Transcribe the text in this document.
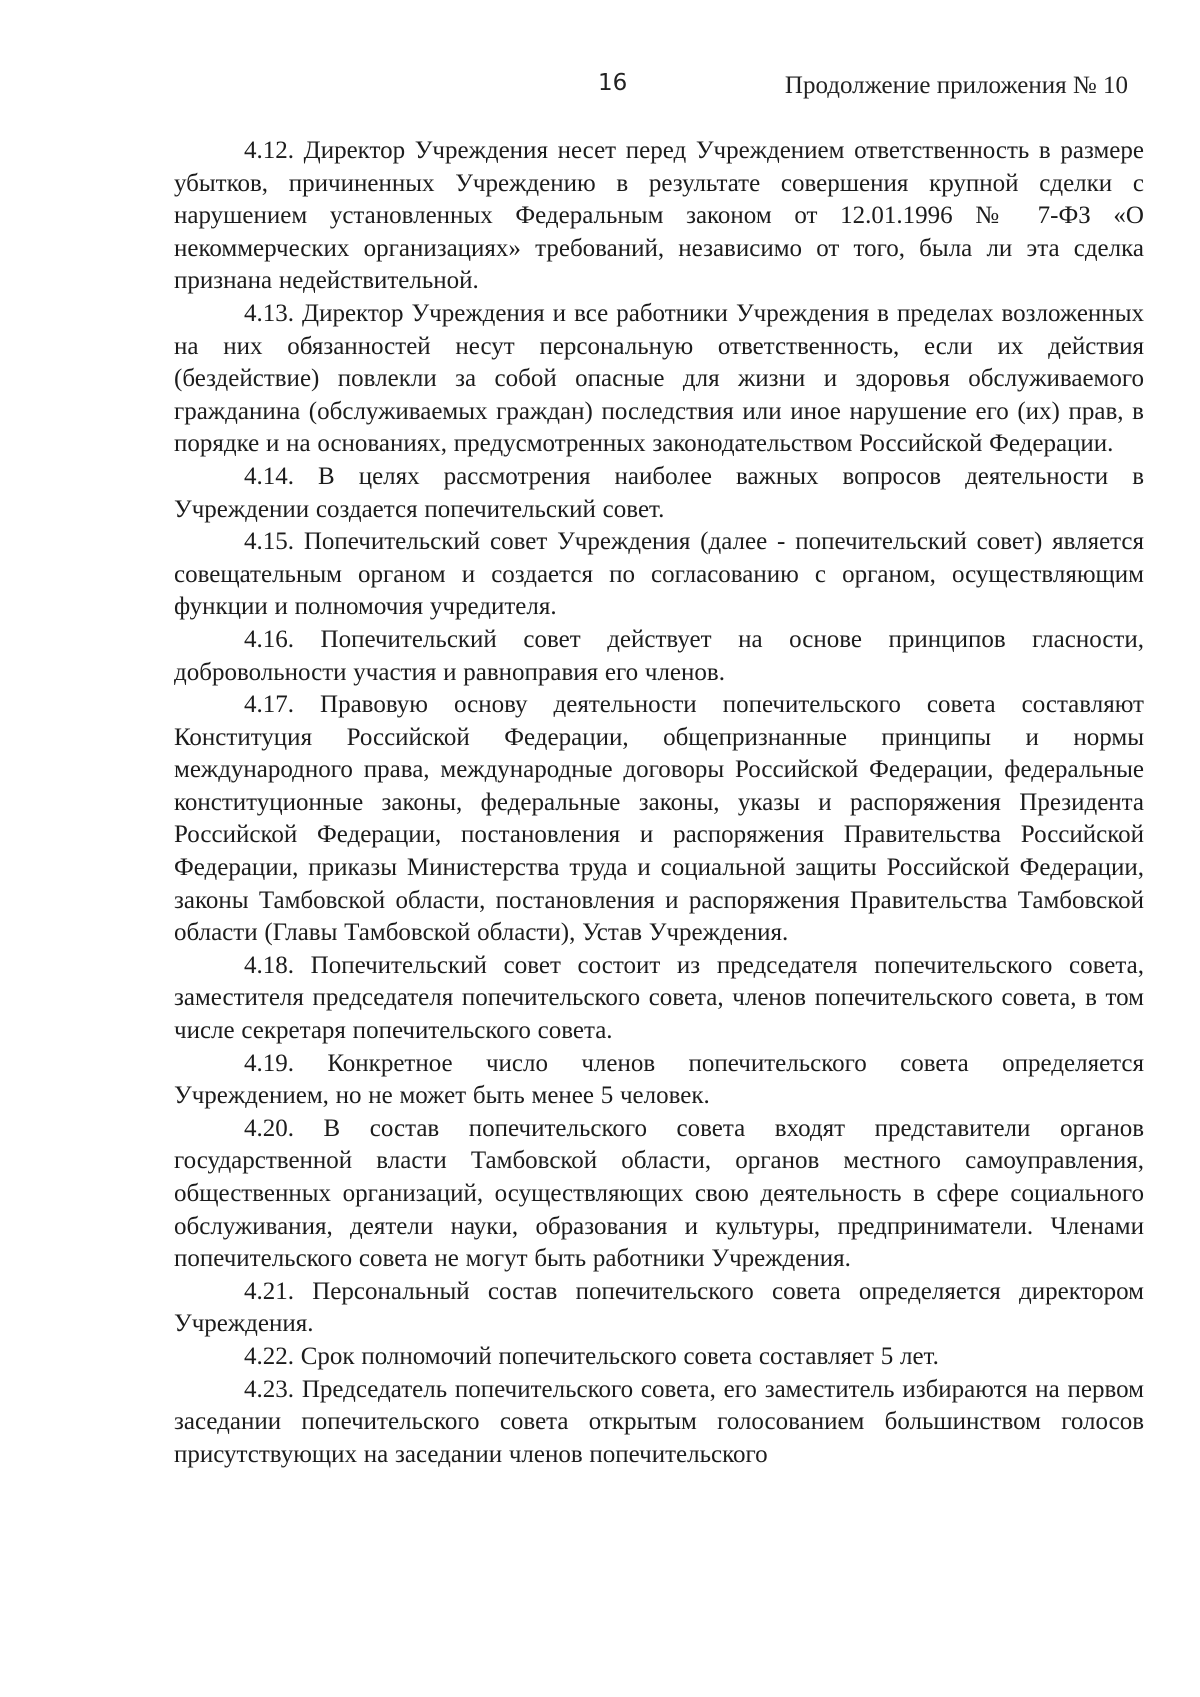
16	Продолжение приложения № 10

4.12. Директор Учреждения несет перед Учреждением ответственность в размере убытков, причиненных Учреждению в результате совершения крупной сделки с нарушением установленных Федеральным законом от 12.01.1996 № 7-ФЗ «О некоммерческих организациях» требований, независимо от того, была ли эта сделка признана недействительной.

4.13. Директор Учреждения и все работники Учреждения в пределах возложенных на них обязанностей несут персональную ответственность, если их действия (бездействие) повлекли за собой опасные для жизни и здоровья обслуживаемого гражданина (обслуживаемых граждан) последствия или иное нарушение его (их) прав, в порядке и на основаниях, предусмотренных законодательством Российской Федерации.

4.14. В целях рассмотрения наиболее важных вопросов деятельности в Учреждении создается попечительский совет.

4.15. Попечительский совет Учреждения (далее - попечительский совет) является совещательным органом и создается по согласованию с органом, осуществляющим функции и полномочия учредителя.

4.16. Попечительский совет действует на основе принципов гласности, добровольности участия и равноправия его членов.

4.17. Правовую основу деятельности попечительского совета составляют Конституция Российской Федерации, общепризнанные принципы и нормы международного права, международные договоры Российской Федерации, федеральные конституционные законы, федеральные законы, указы и распоряжения Президента Российской Федерации, постановления и распоряжения Правительства Российской Федерации, приказы Министерства труда и социальной защиты Российской Федерации, законы Тамбовской области, постановления и распоряжения Правительства Тамбовской области (Главы Тамбовской области), Устав Учреждения.

4.18. Попечительский совет состоит из председателя попечительского совета, заместителя председателя попечительского совета, членов попечительского совета, в том числе секретаря попечительского совета.

4.19. Конкретное число членов попечительского совета определяется Учреждением, но не может быть менее 5 человек.

4.20. В состав попечительского совета входят представители органов государственной власти Тамбовской области, органов местного самоуправления, общественных организаций, осуществляющих свою деятельность в сфере социального обслуживания, деятели науки, образования и культуры, предприниматели. Членами попечительского совета не могут быть работники Учреждения.

4.21. Персональный состав попечительского совета определяется директором Учреждения.

4.22. Срок полномочий попечительского совета составляет 5 лет.

4.23. Председатель попечительского совета, его заместитель избираются на первом заседании попечительского совета открытым голосованием большинством голосов присутствующих на заседании членов попечительского
